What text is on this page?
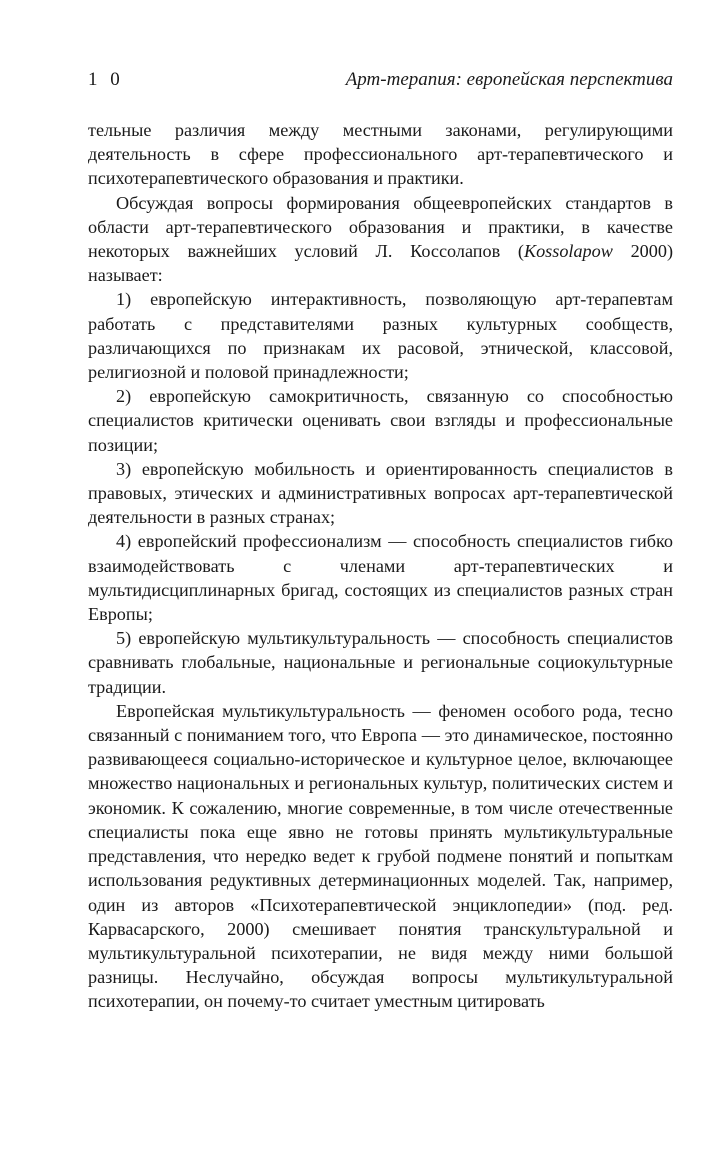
1 0	Арт-терапия: европейская перспектива

тельные различия между местными законами, регулирующими деятельность в сфере профессионального арт-терапевтического и психотерапевтического образования и практики.

Обсуждая вопросы формирования общеевропейских стандартов в области арт-терапевтического образования и практики, в качестве некоторых важнейших условий Л. Коссолапов (Kossolapow 2000) называет:

1) европейскую интерактивность, позволяющую арт-терапевтам работать с представителями разных культурных сообществ, различающихся по признакам их расовой, этнической, классовой, религиозной и половой принадлежности;

2) европейскую самокритичность, связанную со способностью специалистов критически оценивать свои взгляды и профессиональные позиции;

3) европейскую мобильность и ориентированность специалистов в правовых, этических и административных вопросах арт-терапевтической деятельности в разных странах;

4) европейский профессионализм — способность специалистов гибко взаимодействовать с членами арт-терапевтических и мультидисциплинарных бригад, состоящих из специалистов разных стран Европы;

5) европейскую мультикультуральность — способность специалистов сравнивать глобальные, национальные и региональные социокультурные традиции.

Европейская мультикультуральность — феномен особого рода, тесно связанный с пониманием того, что Европа — это динамическое, постоянно развивающееся социально-историческое и культурное целое, включающее множество национальных и региональных культур, политических систем и экономик. К сожалению, многие современные, в том числе отечественные специалисты пока еще явно не готовы принять мультикультуральные представления, что нередко ведет к грубой подмене понятий и попыткам использования редуктивных детерминационных моделей. Так, например, один из авторов «Психотерапевтической энциклопедии» (под. ред. Карвасарского, 2000) смешивает понятия транскультуральной и мультикультуральной психотерапии, не видя между ними большой разницы. Неслучайно, обсуждая вопросы мультикультуральной психотерапии, он почему-то считает уместным цитировать
